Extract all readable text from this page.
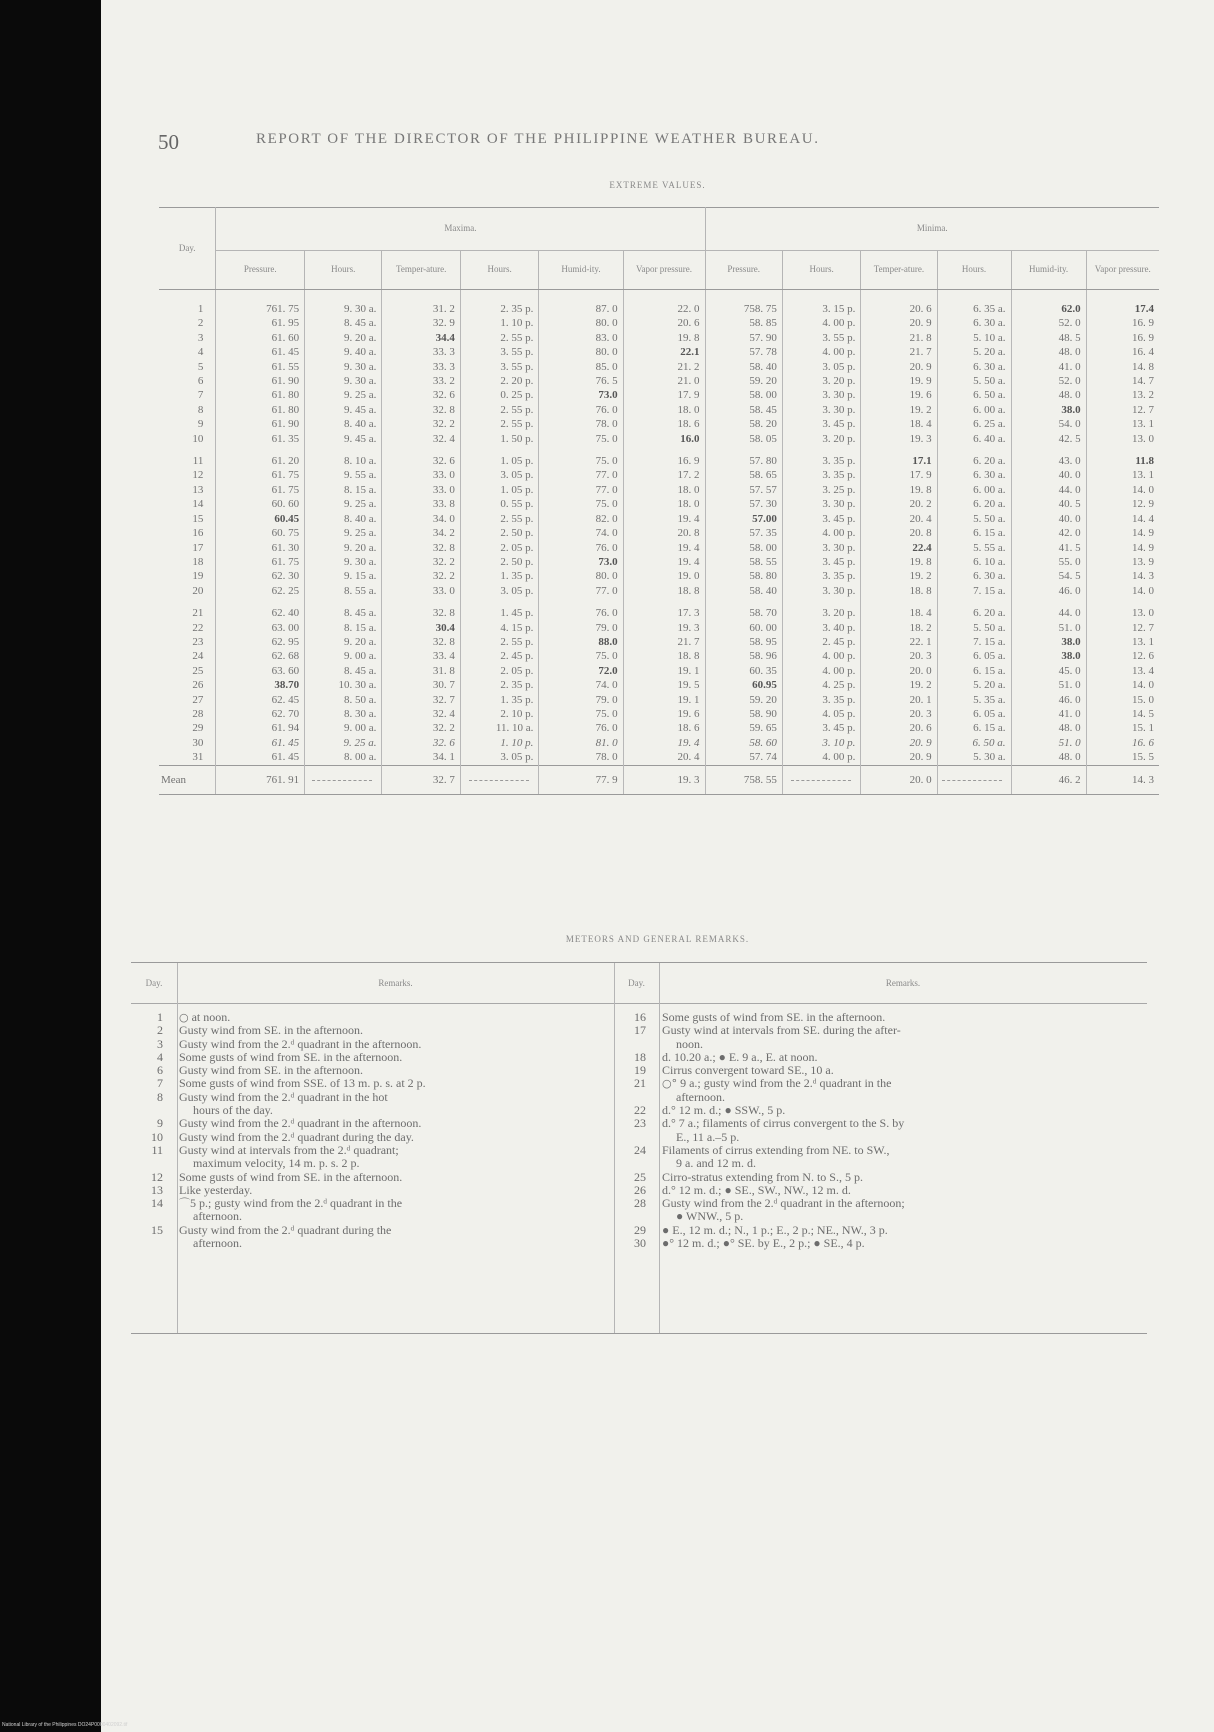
50	REPORT OF THE DIRECTOR OF THE PHILIPPINE WEATHER BUREAU.
EXTREME VALUES.
Day.	Maxima.						Minima.					
	Pressure.	Hours.	Temper-ature.	Hours.	Humid-ity.	Vapor pressure.	Pressure.	Hours.	Temper-ature.	Hours.	Humid-ity.	Vapor pressure.
1	761. 75	9. 30 a.	31. 2	2. 35 p.	87. 0	22. 0	758. 75	3. 15 p.	20. 6	6. 35 a.	62.0	17.4
2	61. 95	8. 45 a.	32. 9	1. 10 p.	80. 0	20. 6	58. 85	4. 00 p.	20. 9	6. 30 a.	52. 0	16. 9
3	61. 60	9. 20 a.	34.4	2. 55 p.	83. 0	19. 8	57. 90	3. 55 p.	21. 8	5. 10 a.	48. 5	16. 9
4	61. 45	9. 40 a.	33. 3	3. 55 p.	80. 0	22.1	57. 78	4. 00 p.	21. 7	5. 20 a.	48. 0	16. 4
5	61. 55	9. 30 a.	33. 3	3. 55 p.	85. 0	21. 2	58. 40	3. 05 p.	20. 9	6. 30 a.	41. 0	14. 8
6	61. 90	9. 30 a.	33. 2	2. 20 p.	76. 5	21. 0	59. 20	3. 20 p.	19. 9	5. 50 a.	52. 0	14. 7
7	61. 80	9. 25 a.	32. 6	0. 25 p.	73.0	17. 9	58. 00	3. 30 p.	19. 6	6. 50 a.	48. 0	13. 2
8	61. 80	9. 45 a.	32. 8	2. 55 p.	76. 0	18. 0	58. 45	3. 30 p.	19. 2	6. 00 a.	38.0	12. 7
9	61. 90	8. 40 a.	32. 2	2. 55 p.	78. 0	18. 6	58. 20	3. 45 p.	18. 4	6. 25 a.	54. 0	13. 1
10	61. 35	9. 45 a.	32. 4	1. 50 p.	75. 0	16.0	58. 05	3. 20 p.	19. 3	6. 40 a.	42. 5	13. 0
11	61. 20	8. 10 a.	32. 6	1. 05 p.	75. 0	16. 9	57. 80	3. 35 p.	17.1	6. 20 a.	43. 0	11.8
12	61. 75	9. 55 a.	33. 0	3. 05 p.	77. 0	17. 2	58. 65	3. 35 p.	17. 9	6. 30 a.	40. 0	13. 1
13	61. 75	8. 15 a.	33. 0	1. 05 p.	77. 0	18. 0	57. 57	3. 25 p.	19. 8	6. 00 a.	44. 0	14. 0
14	60. 60	9. 25 a.	33. 8	0. 55 p.	75. 0	18. 0	57. 30	3. 30 p.	20. 2	6. 20 a.	40. 5	12. 9
15	60.45	8. 40 a.	34. 0	2. 55 p.	82. 0	19. 4	57.00	3. 45 p.	20. 4	5. 50 a.	40. 0	14. 4
16	60. 75	9. 25 a.	34. 2	2. 50 p.	74. 0	20. 8	57. 35	4. 00 p.	20. 8	6. 15 a.	42. 0	14. 9
17	61. 30	9. 20 a.	32. 8	2. 05 p.	76. 0	19. 4	58. 00	3. 30 p.	22.4	5. 55 a.	41. 5	14. 9
18	61. 75	9. 30 a.	32. 2	2. 50 p.	73.0	19. 4	58. 55	3. 45 p.	19. 8	6. 10 a.	55. 0	13. 9
19	62. 30	9. 15 a.	32. 2	1. 35 p.	80. 0	19. 0	58. 80	3. 35 p.	19. 2	6. 30 a.	54. 5	14. 3
20	62. 25	8. 55 a.	33. 0	3. 05 p.	77. 0	18. 8	58. 40	3. 30 p.	18. 8	7. 15 a.	46. 0	14. 0
21	62. 40	8. 45 a.	32. 8	1. 45 p.	76. 0	17. 3	58. 70	3. 20 p.	18. 4	6. 20 a.	44. 0	13. 0
22	63. 00	8. 15 a.	30.4	4. 15 p.	79. 0	19. 3	60. 00	3. 40 p.	18. 2	5. 50 a.	51. 0	12. 7
23	62. 95	9. 20 a.	32. 8	2. 55 p.	88.0	21. 7	58. 95	2. 45 p.	22. 1	7. 15 a.	38.0	13. 1
24	62. 68	9. 00 a.	33. 4	2. 45 p.	75. 0	18. 8	58. 96	4. 00 p.	20. 3	6. 05 a.	38.0	12. 6
25	63. 60	8. 45 a.	31. 8	2. 05 p.	72.0	19. 1	60. 35	4. 00 p.	20. 0	6. 15 a.	45. 0	13. 4
26	38.70	10. 30 a.	30. 7	2. 35 p.	74. 0	19. 5	60.95	4. 25 p.	19. 2	5. 20 a.	51. 0	14. 0
27	62. 45	8. 50 a.	32. 7	1. 35 p.	79. 0	19. 1	59. 20	3. 35 p.	20. 1	5. 35 a.	46. 0	15. 0
28	62. 70	8. 30 a.	32. 4	2. 10 p.	75. 0	19. 6	58. 90	4. 05 p.	20. 3	6. 05 a.	41. 0	14. 5
29	61. 94	9. 00 a.	32. 2	11. 10 a.	76. 0	18. 6	59. 65	3. 45 p.	20. 6	6. 15 a.	48. 0	15. 1
30	61. 45	9. 25 a.	32. 6	1. 10 p.	81. 0	19. 4	58. 60	3. 10 p.	20. 9	6. 50 a.	51. 0	16. 6
31	61. 45	8. 00 a.	34. 1	3. 05 p.	78. 0	20. 4	57. 74	4. 00 p.	20. 9	5. 30 a.	48. 0	15. 5
Mean	761. 91		32. 7		77. 9	19. 3	758. 55		20. 0		46. 2	14. 3
METEORS AND GENERAL REMARKS.
Day.	Remarks.	Day.	Remarks.
1 ○ at noon.
2 Gusty wind from SE. in the afternoon.
3 Gusty wind from the 2.ᵈ quadrant in the afternoon.
4 Some gusts of wind from SE. in the afternoon.
6 Gusty wind from SE. in the afternoon.
7 Some gusts of wind from SSE. of 13 m. p. s. at 2 p.
8 Gusty wind from the 2.ᵈ quadrant in the hot
hours of the day.
9 Gusty wind from the 2.ᵈ quadrant in the afternoon.
10 Gusty wind from the 2.ᵈ quadrant during the day.
11 Gusty wind at intervals from the 2.ᵈ quadrant;
maximum velocity, 14 m. p. s. 2 p.
12 Some gusts of wind from SE. in the afternoon.
13 Like yesterday.
14 ⌒5 p.; gusty wind from the 2.ᵈ quadrant in the
afternoon.
15 Gusty wind from the 2.ᵈ quadrant during the
afternoon.
16 Some gusts of wind from SE. in the afternoon.
17 Gusty wind at intervals from SE. during the after-
noon.
18 d. 10.20 a.; ● E. 9 a., E. at noon.
19 Cirrus convergent toward SE., 10 a.
21 ○° 9 a.; gusty wind from the 2.ᵈ quadrant in the
afternoon.
22 d.° 12 m. d.; ● SSW., 5 p.
23 d.° 7 a.; filaments of cirrus convergent to the S. by
E., 11 a.–5 p.
24 Filaments of cirrus extending from NE. to SW.,
9 a. and 12 m. d.
25 Cirro-stratus extending from N. to S., 5 p.
26 d.° 12 m. d.; ● SE., SW., NW., 12 m. d.
28 Gusty wind from the 2.ᵈ quadrant in the afternoon;
● WNW., 5 p.
29 ● E., 12 m. d.; N., 1 p.; E., 2 p.; NE., NW., 3 p.
30 ●° 12 m. d.; ●° SE. by E., 2 p.; ● SE., 4 p.
National Library of the Philippines DO24P0000402092.tif
